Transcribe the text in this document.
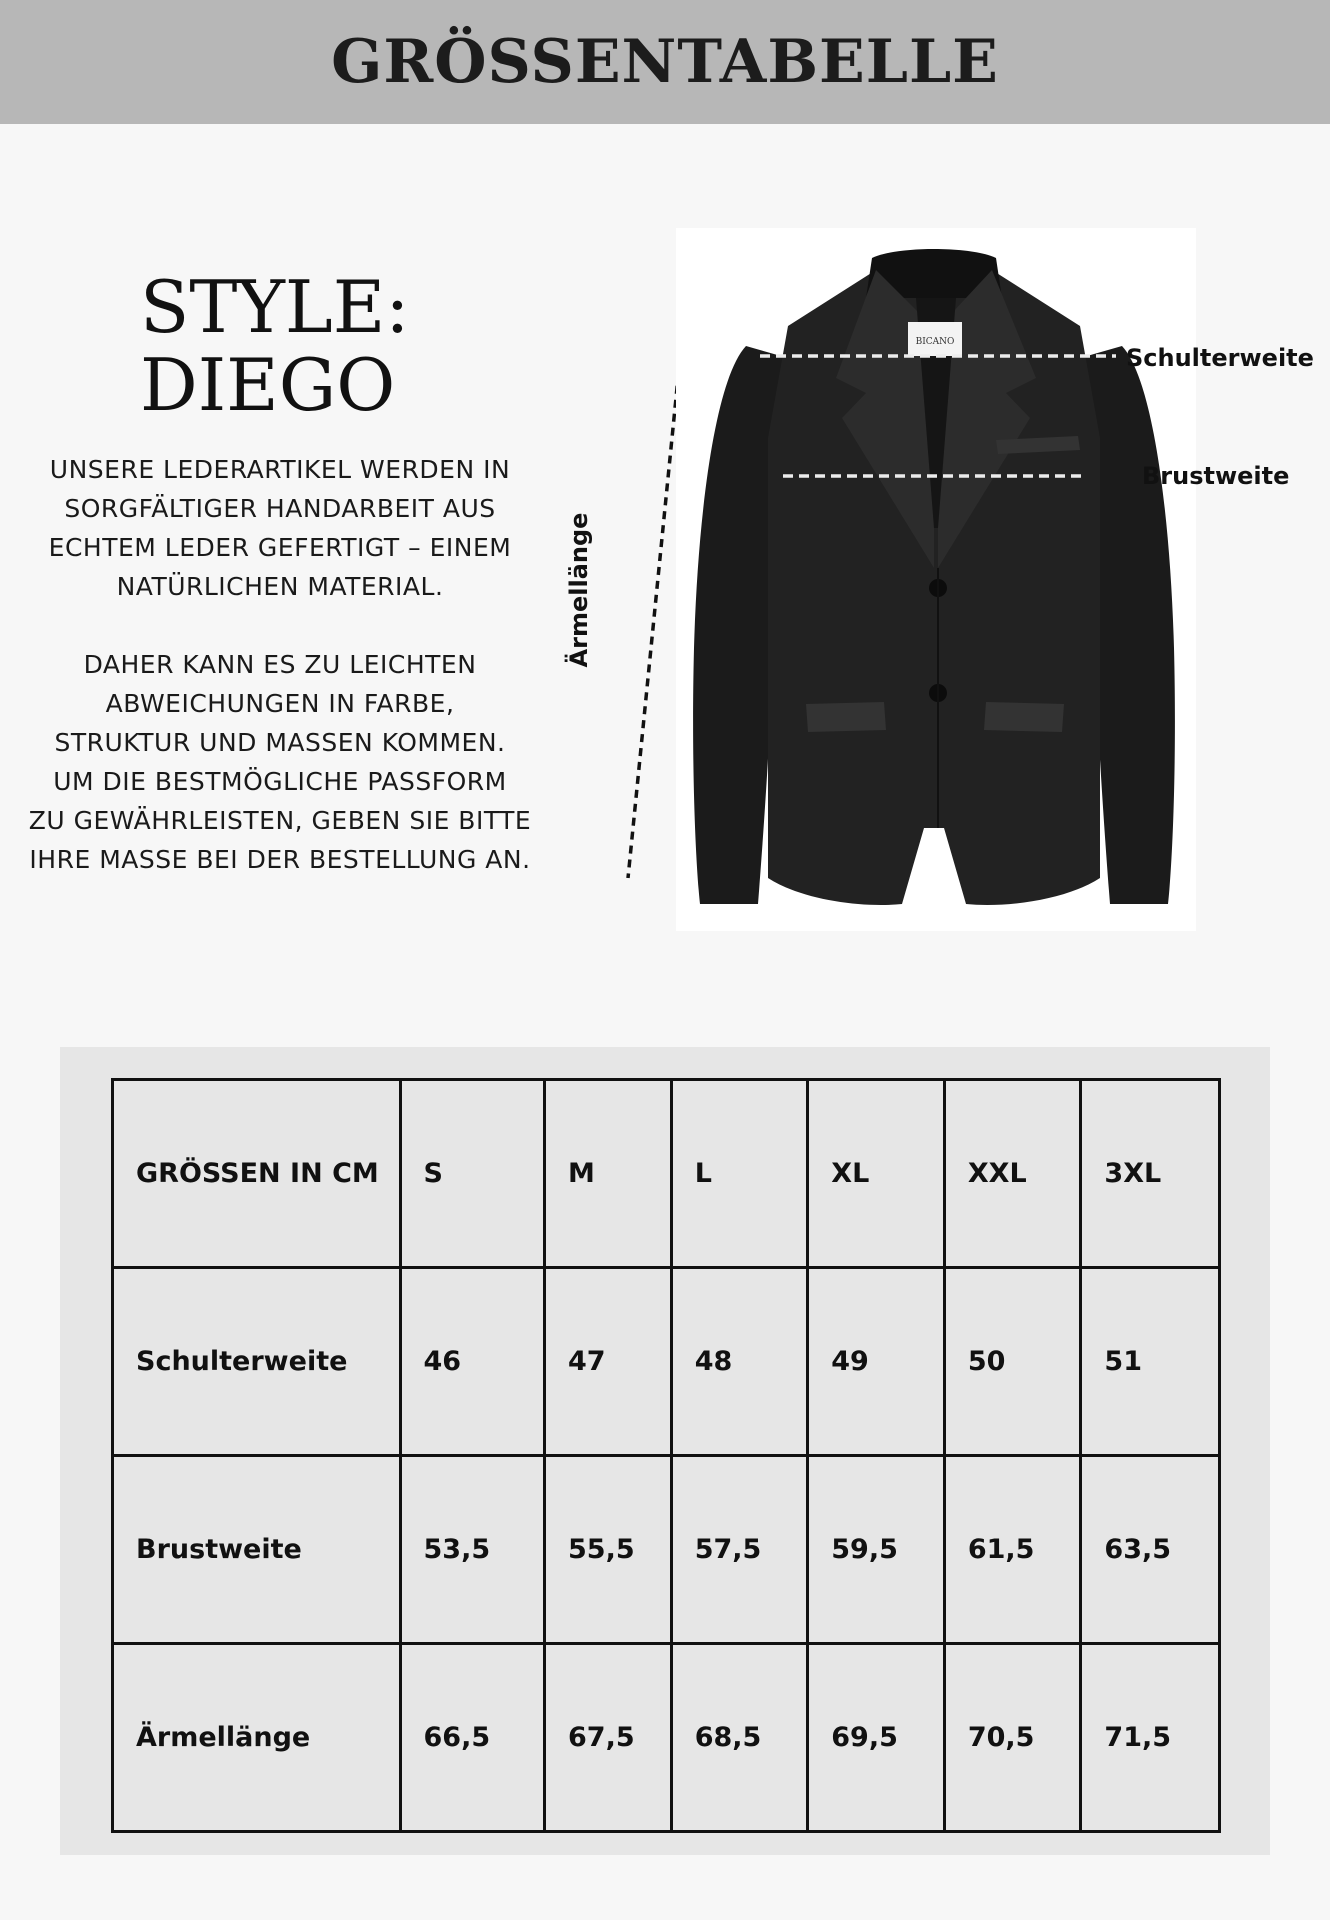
GRÖSSENTABELLE
STYLE:
DIEGO
UNSERE LEDERARTIKEL WERDEN IN
SORGFÄLTIGER HANDARBEIT AUS
ECHTEM LEDER GEFERTIGT – EINEM
NATÜRLICHEN MATERIAL.
DAHER KANN ES ZU LEICHTEN
ABWEICHUNGEN IN FARBE,
STRUKTUR UND MASSEN KOMMEN.
UM DIE BESTMÖGLICHE PASSFORM
ZU GEWÄHRLEISTEN, GEBEN SIE BITTE
IHRE MASSE BEI DER BESTELLUNG AN.
Ärmellänge
BICANO
Schulterweite
Brustweite
GRÖSSEN IN CM	S	M	L	XL	XXL	3XL
Schulterweite	46	47	48	49	50	51
Brustweite	53,5	55,5	57,5	59,5	61,5	63,5
Ärmellänge	66,5	67,5	68,5	69,5	70,5	71,5
